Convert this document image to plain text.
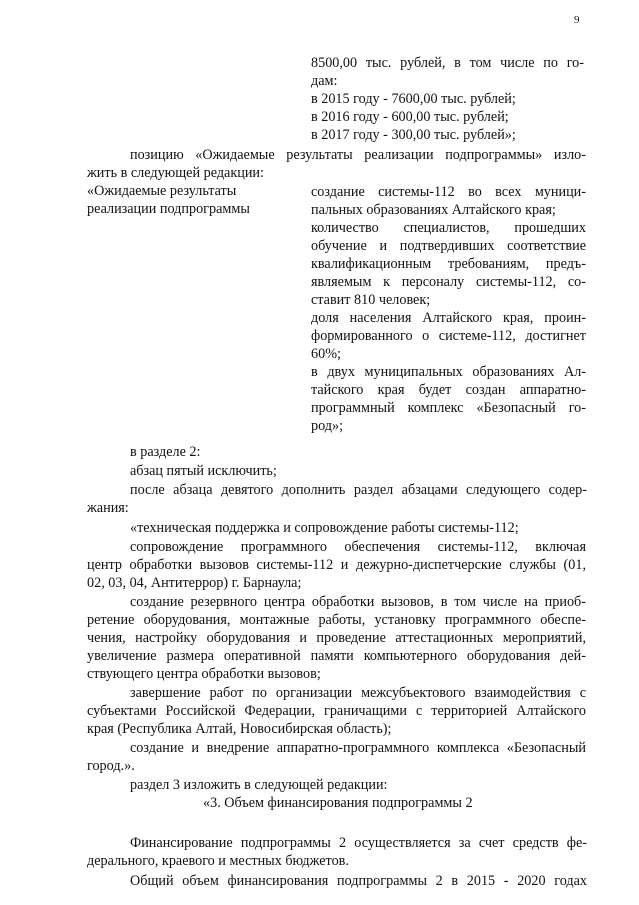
9
8500,00 тыс. рублей, в том числе по го-
дам:
в 2015 году - 7600,00 тыс. рублей;
в 2016 году - 600,00 тыс. рублей;
в 2017 году - 300,00 тыс. рублей»;
позицию «Ожидаемые результаты реализации подпрограммы» изло-
жить в следующей редакции:
«Ожидаемые результаты
реализации подпрограммы
создание системы-112 во всех муници-
пальных образованиях Алтайского края;
количество специалистов, прошедших
обучение и подтвердивших соответствие
квалификационным требованиям, предъ-
являемым к персоналу системы-112, со-
ставит 810 человек;
доля населения Алтайского края, проин-
формированного о системе-112, достигнет
60%;
в двух муниципальных образованиях Ал-
тайского края будет создан аппаратно-
программный комплекс «Безопасный го-
род»;
в разделе 2:
абзац пятый исключить;
после абзаца девятого дополнить раздел абзацами следующего содер-
жания:
«техническая поддержка и сопровождение работы системы-112;
сопровождение программного обеспечения системы-112, включая
центр обработки вызовов системы-112 и дежурно-диспетчерские службы (01,
02, 03, 04, Антитеррор) г. Барнаула;
создание резервного центра обработки вызовов, в том числе на приоб-
ретение оборудования, монтажные работы, установку программного обеспе-
чения, настройку оборудования и проведение аттестационных мероприятий,
увеличение размера оперативной памяти компьютерного оборудования дей-
ствующего центра обработки вызовов;
завершение работ по организации межсубъектового взаимодействия с
субъектами Российской Федерации, граничащими с территорией Алтайского
края (Республика Алтай, Новосибирская область);
создание и внедрение аппаратно-программного комплекса «Безопасный
город.».
раздел 3 изложить в следующей редакции:
«3. Объем финансирования подпрограммы 2
Финансирование подпрограммы 2 осуществляется за счет средств фе-
дерального, краевого и местных бюджетов.
Общий объем финансирования подпрограммы 2 в 2015 - 2020 годах
